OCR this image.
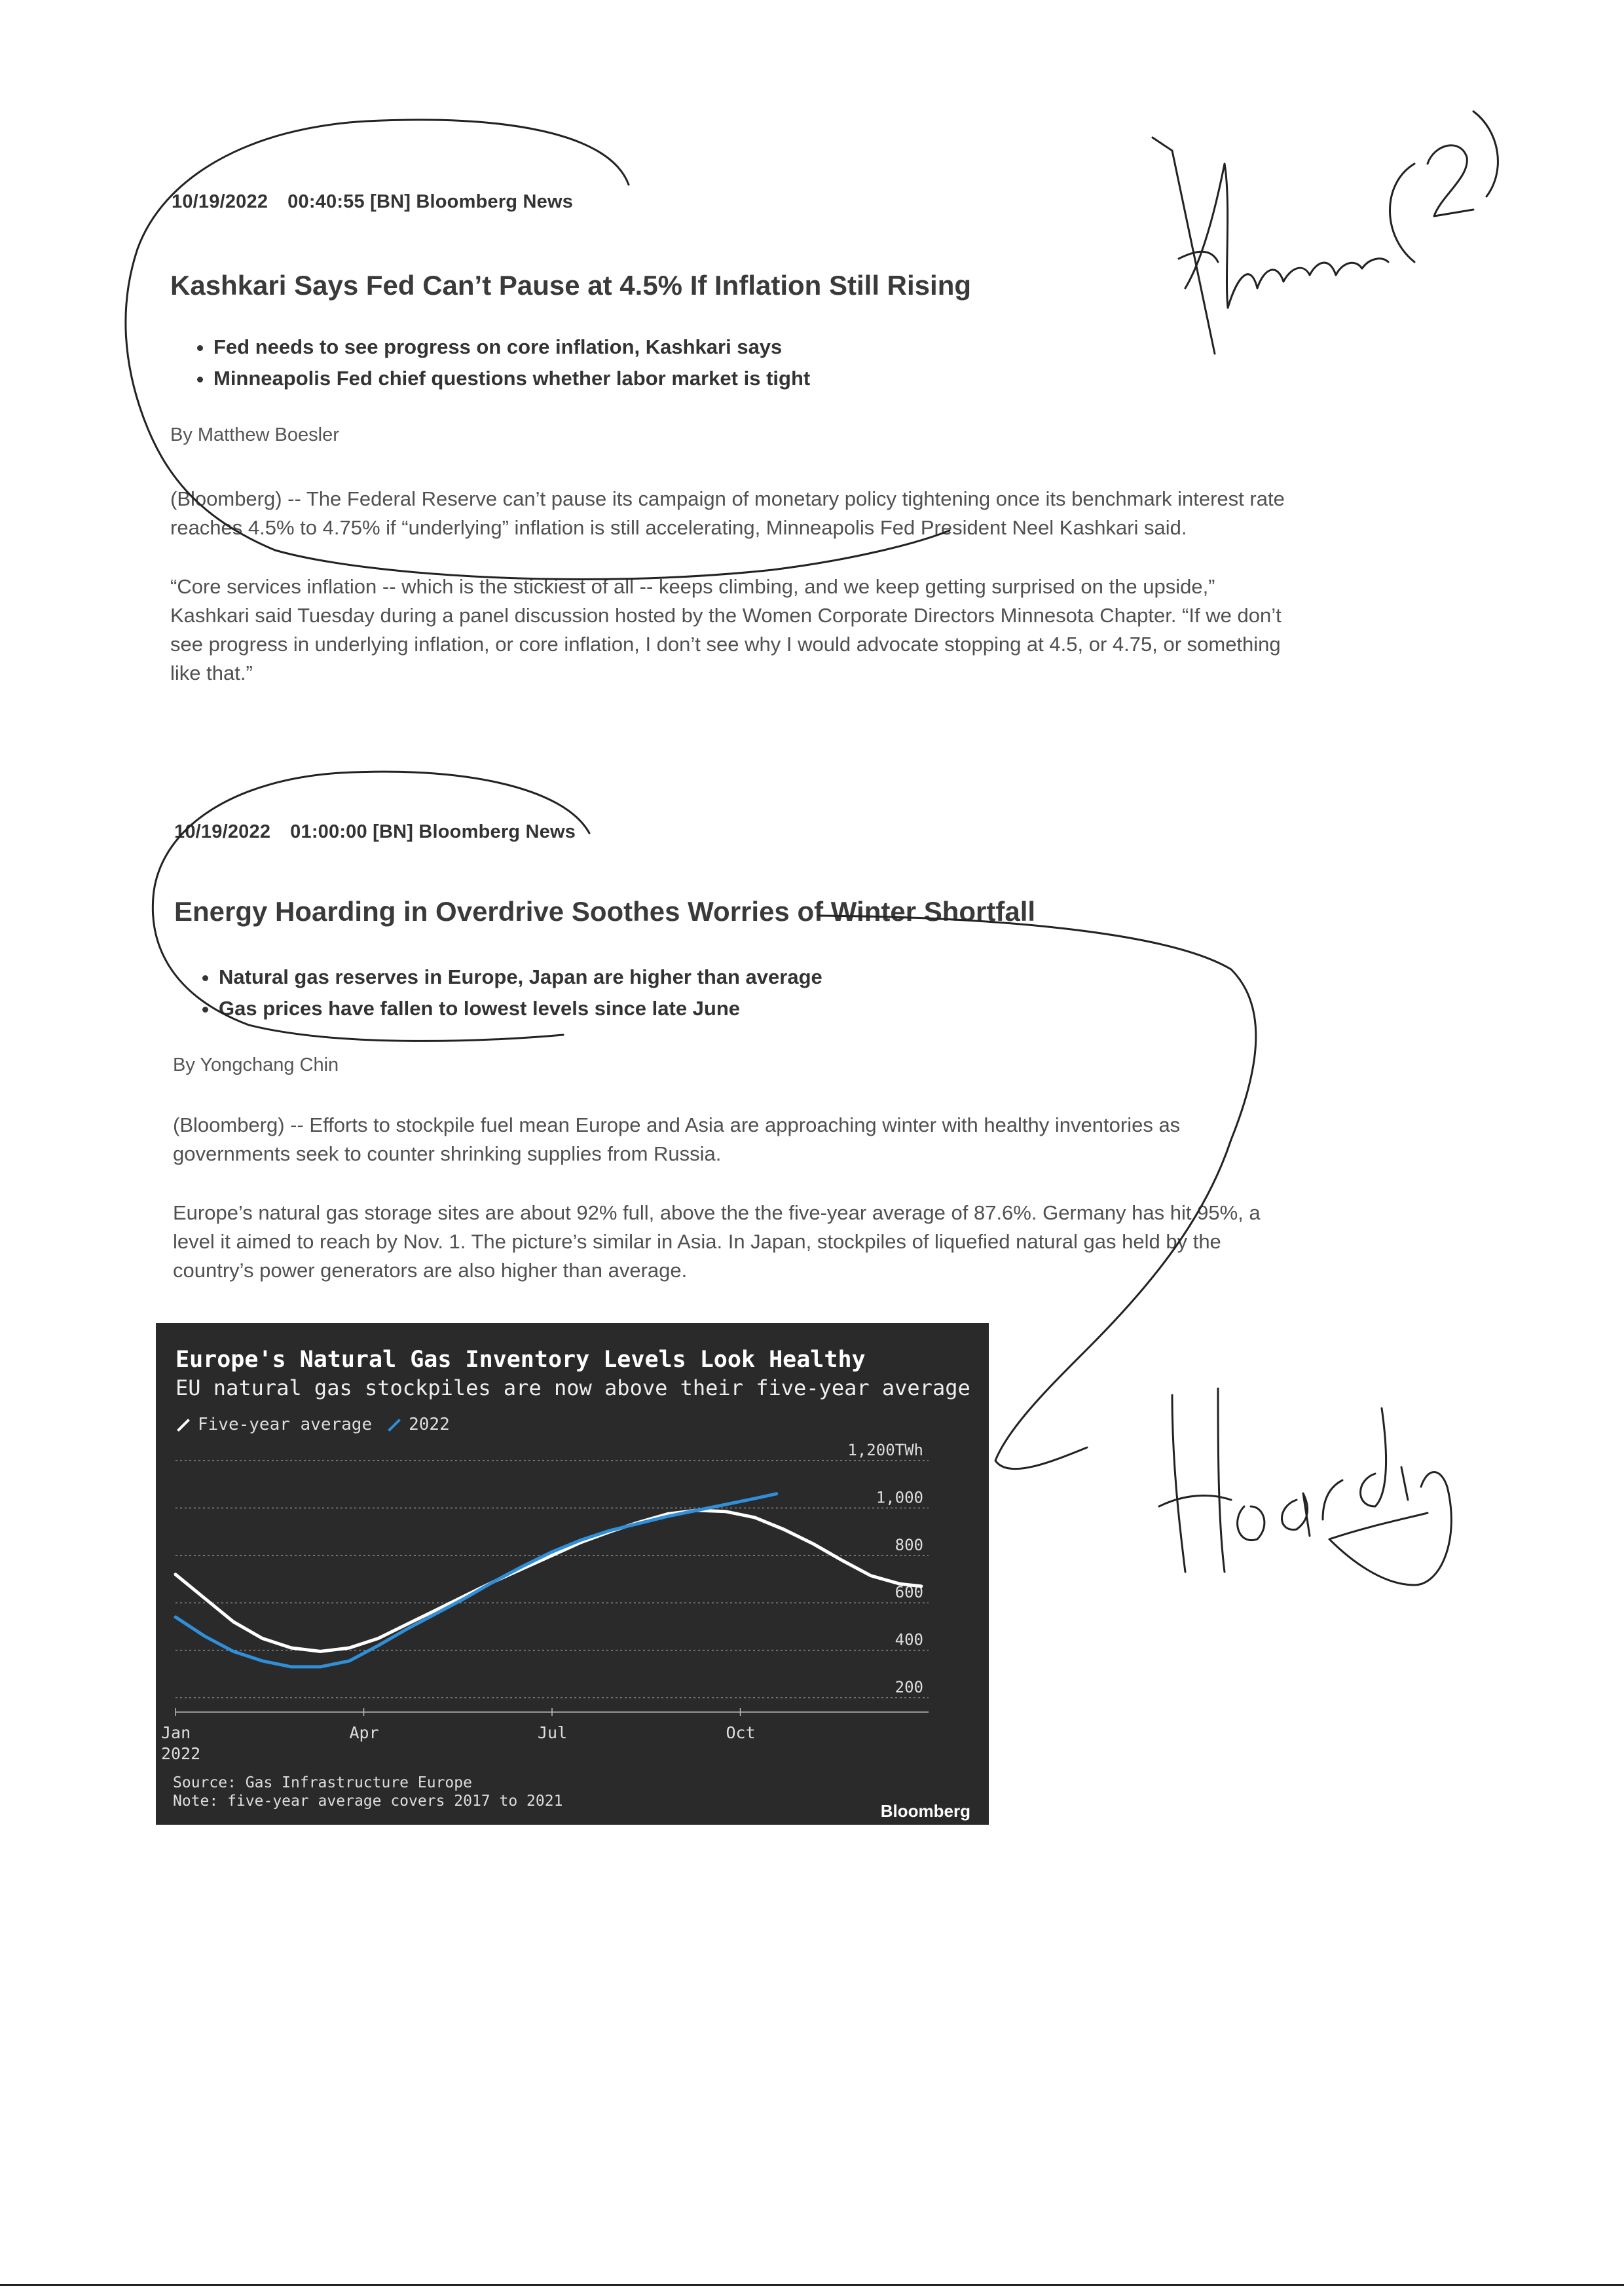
10/19/2022 00:40:55 [BN] Bloomberg News
Kashkari Says Fed Can’t Pause at 4.5% If Inflation Still Rising
• Fed needs to see progress on core inflation, Kashkari says
• Minneapolis Fed chief questions whether labor market is tight
By Matthew Boesler

(Bloomberg) -- The Federal Reserve can’t pause its campaign of monetary policy tightening once its benchmark interest rate reaches 4.5% to 4.75% if “underlying” inflation is still accelerating, Minneapolis Fed President Neel Kashkari said.

“Core services inflation -- which is the stickiest of all -- keeps climbing, and we keep getting surprised on the upside,” Kashkari said Tuesday during a panel discussion hosted by the Women Corporate Directors Minnesota Chapter. “If we don’t see progress in underlying inflation, or core inflation, I don’t see why I would advocate stopping at 4.5, or 4.75, or something like that.”

10/19/2022 01:00:00 [BN] Bloomberg News
Energy Hoarding in Overdrive Soothes Worries of Winter Shortfall
• Natural gas reserves in Europe, Japan are higher than average
• Gas prices have fallen to lowest levels since late June
By Yongchang Chin

(Bloomberg) -- Efforts to stockpile fuel mean Europe and Asia are approaching winter with healthy inventories as governments seek to counter shrinking supplies from Russia.

Europe’s natural gas storage sites are about 92% full, above the the five-year average of 87.6%. Germany has hit 95%, a level it aimed to reach by Nov. 1. The picture’s similar in Asia. In Japan, stockpiles of liquefied natural gas held by the country’s power generators are also higher than average.

Europe's Natural Gas Inventory Levels Look Healthy
EU natural gas stockpiles are now above their five-year average
Five-year average 2022
1,200TWh
1,000
800
600
400
200
Jan
2022
Apr	Jul	Oct
Source: Gas Infrastructure Europe
Note: five-year average covers 2017 to 2021	Bloomberg
